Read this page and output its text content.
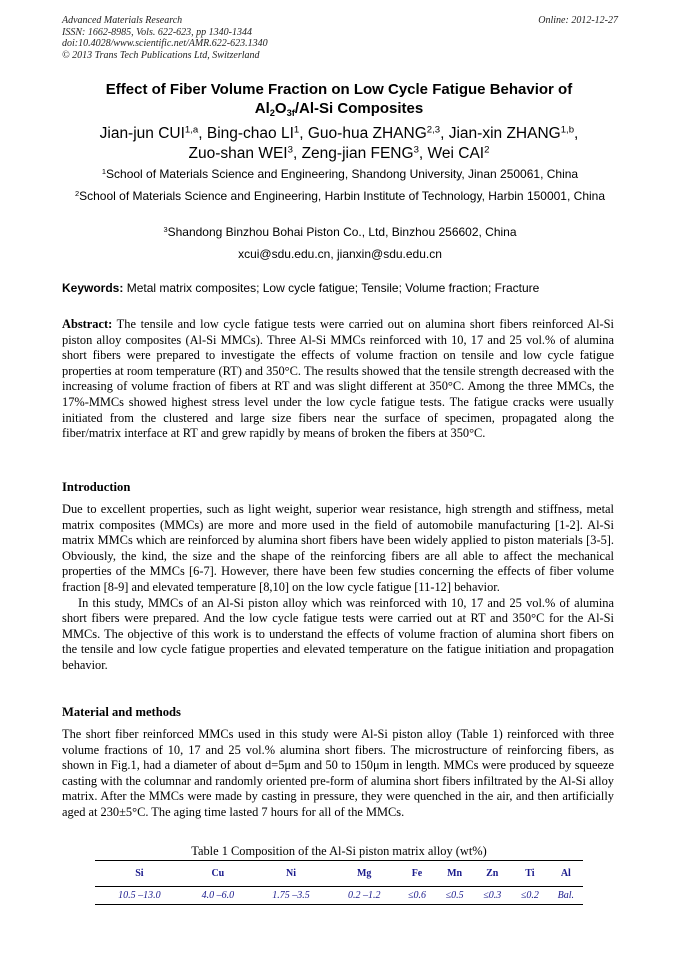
Advanced Materials Research
ISSN: 1662-8985, Vols. 622-623, pp 1340-1344
doi:10.4028/www.scientific.net/AMR.622-623.1340
© 2013 Trans Tech Publications Ltd, Switzerland
Online: 2012-12-27
Effect of Fiber Volume Fraction on Low Cycle Fatigue Behavior of
$Al_2O_{3f}/Al-Si$ Composites
Jian-jun CUI$^{1,a}$, Bing-chao $LI^1$, Guo-hua ZHANG$^{2,3}$, Jian-xin ZHANG$^{1,b}$,
Zuo-shan WEI$^3$, Zeng-jian FENG$^3$, Wei CAI$^2$
$^1$School of Materials Science and Engineering, Shandong University, Jinan 250061, China
$^2$School of Materials Science and Engineering, Harbin Institute of Technology, Harbin 150001, China
$^3$Shandong Binzhou Bohai Piston Co., Ltd, Binzhou 256602, China
xcui@sdu.edu.cn, jianxin@sdu.edu.cn
Keywords: Metal matrix composites; Low cycle fatigue; Tensile; Volume fraction; Fracture
Abstract: The tensile and low cycle fatigue tests were carried out on alumina short fibers reinforced Al-Si piston alloy composites (Al-Si MMCs). Three Al-Si MMCs reinforced with 10, 17 and 25 vol.% of alumina short fibers were prepared to investigate the effects of volume fraction on tensile and low cycle fatigue properties at room temperature (RT) and 350°C. The results showed that the tensile strength decreased with the increasing of volume fraction of fibers at RT and was slight different at 350°C. Among the three MMCs, the 17%-MMCs showed highest stress level under the low cycle fatigue tests. The fatigue cracks were usually initiated from the clustered and large size fibers near the surface of specimen, propagated along the fiber/matrix interface at RT and grew rapidly by means of broken the fibers at 350°C.
Introduction
Due to excellent properties, such as light weight, superior wear resistance, high strength and stiffness, metal matrix composites (MMCs) are more and more used in the field of automobile manufacturing [1-2]. Al-Si matrix MMCs which are reinforced by alumina short fibers have been widely applied to piston materials [3-5]. Obviously, the kind, the size and the shape of the reinforcing fibers are all able to affect the mechanical properties of the MMCs [6-7]. However, there have been few studies concerning the effects of fiber volume fraction [8-9] and elevated temperature [8,10] on the low cycle fatigue [11-12] behavior.
In this study, MMCs of an Al-Si piston alloy which was reinforced with 10, 17 and 25 vol.% of alumina short fibers were prepared. And the low cycle fatigue tests were carried out at RT and 350°C for the Al-Si MMCs. The objective of this work is to understand the effects of volume fraction of alumina short fibers on the tensile and low cycle fatigue properties and elevated temperature on the fatigue initiation and propagation behavior.
Material and methods
The short fiber reinforced MMCs used in this study were Al-Si piston alloy (Table 1) reinforced with three volume fractions of 10, 17 and 25 vol.% alumina short fibers. The microstructure of reinforcing fibers, as shown in Fig.1, had a diameter of about d=5μm and 50 to 150μm in length. MMCs were produced by squeeze casting with the columnar and randomly oriented pre-form of alumina short fibers infiltrated by the Al-Si alloy matrix. After the MMCs were made by casting in pressure, they were quenched in the air, and then artificially aged at 230±5°C. The aging time lasted 7 hours for all of the MMCs.
Table 1 Composition of the Al-Si piston matrix alloy (wt%)
Si	Cu	Ni	Mg	Fe	Mn	Zn	Ti	Al
10.5 –13.0	4.0 –6.0	1.75 –3.5	0.2 –1.2	≤0.6	≤0.5	≤0.3	≤0.2	Bal.
